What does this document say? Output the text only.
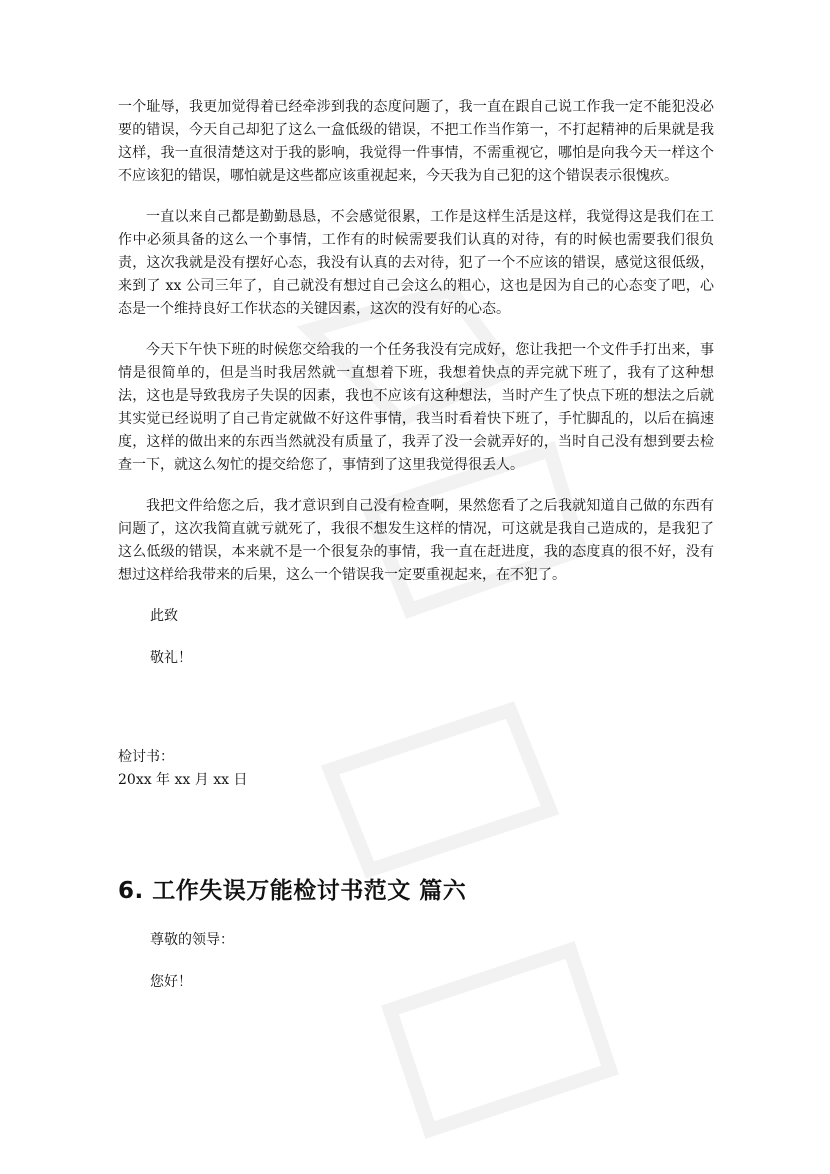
一个耻辱，我更加觉得着已经牵涉到我的态度问题了，我一直在跟自己说工作我一定不能犯没必要的错误，今天自己却犯了这么一盒低级的错误，不把工作当作第一，不打起精神的后果就是我这样，我一直很清楚这对于我的影响，我觉得一件事情，不需重视它，哪怕是向我今天一样这个不应该犯的错误，哪怕就是这些都应该重视起来，今天我为自己犯的这个错误表示很愧疚。

一直以来自己都是勤勤恳恳，不会感觉很累，工作是这样生活是这样，我觉得这是我们在工作中必须具备的这么一个事情，工作有的时候需要我们认真的对待，有的时候也需要我们很负责，这次我就是没有摆好心态，我没有认真的去对待，犯了一个不应该的错误，感觉这很低级，来到了 xx 公司三年了，自己就没有想过自己会这么的粗心，这也是因为自己的心态变了吧，心态是一个维持良好工作状态的关键因素，这次的没有好的心态。

今天下午快下班的时候您交给我的一个任务我没有完成好，您让我把一个文件手打出来，事情是很简单的，但是当时我居然就一直想着下班，我想着快点的弄完就下班了，我有了这种想法，这也是导致我房子失误的因素，我也不应该有这种想法，当时产生了快点下班的想法之后就其实觉已经说明了自己肯定就做不好这件事情，我当时看着快下班了，手忙脚乱的，以后在搞速度，这样的做出来的东西当然就没有质量了，我弄了没一会就弄好的，当时自己没有想到要去检查一下，就这么匆忙的提交给您了，事情到了这里我觉得很丢人。

我把文件给您之后，我才意识到自己没有检查啊，果然您看了之后我就知道自己做的东西有问题了，这次我简直就亏就死了，我很不想发生这样的情况，可这就是我自己造成的，是我犯了这么低级的错误，本来就不是一个很复杂的事情，我一直在赶进度，我的态度真的很不好，没有想过这样给我带来的后果，这么一个错误我一定要重视起来，在不犯了。

此致

敬礼！

检讨书：

20xx 年 xx 月 xx 日

6. 工作失误万能检讨书范文 篇六

尊敬的领导：

您好！
